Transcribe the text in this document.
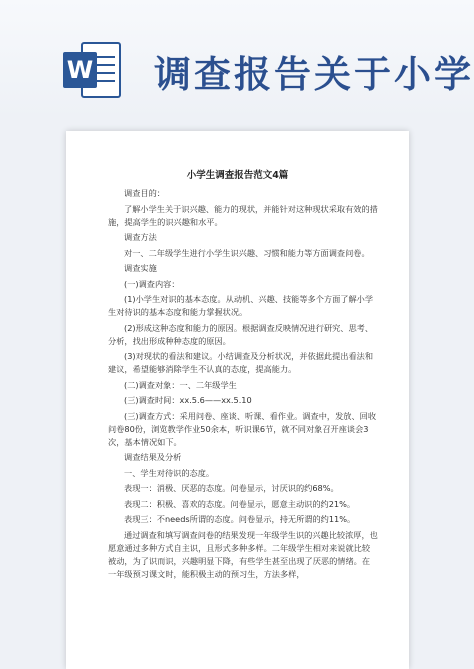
W 调查报告关于小学
小学生调查报告范文4篇

调查目的：

了解小学生关于识兴趣、能力的现状，并能针对这种现状采取有效的措施，提高学生的识兴趣和水平。

调查方法

对一、二年级学生进行小学生识兴趣、习惯和能力等方面调查问卷。

调查实施

(一)调查内容：

(1)小学生对识的基本态度。从动机、兴趣、技能等多个方面了解小学生对待识的基本态度和能力掌握状况。

(2)形成这种态度和能力的原因。根据调查反映情况进行研究、思考、分析，找出形成种种态度的原因。

(3)对现状的看法和建议。小结调查及分析状况，并依据此提出看法和建议，希望能够消除学生不认真的态度，提高能力。

(二)调查对象：一、二年级学生

(三)调查时间：xx.5.6——xx.5.10

(三)调查方式：采用问卷、座谈、听课、看作业。调查中，发放、回收问卷80份，浏览教学作业50余本，听识课6节，就不同对象召开座谈会3次，基本情况如下。

调查结果及分析

一、学生对待识的态度。

表现一：消极、厌恶的态度。问卷显示，讨厌识的约68%。

表现二：积极、喜欢的态度。问卷显示，愿意主动识的约21%。

表现三：不needs所谓的态度。问卷显示，持无所谓的约11%。

通过调查和填写调查问卷的结果发现一年级学生识的兴趣比较浓厚，也愿意通过多种方式自主识，且形式多种多样。二年级学生相对来说就比较被动，为了识而识，兴趣明显下降，有些学生甚至出现了厌恶的情绪。在一年级预习课文时，能积极主动的预习生，方法多样，
